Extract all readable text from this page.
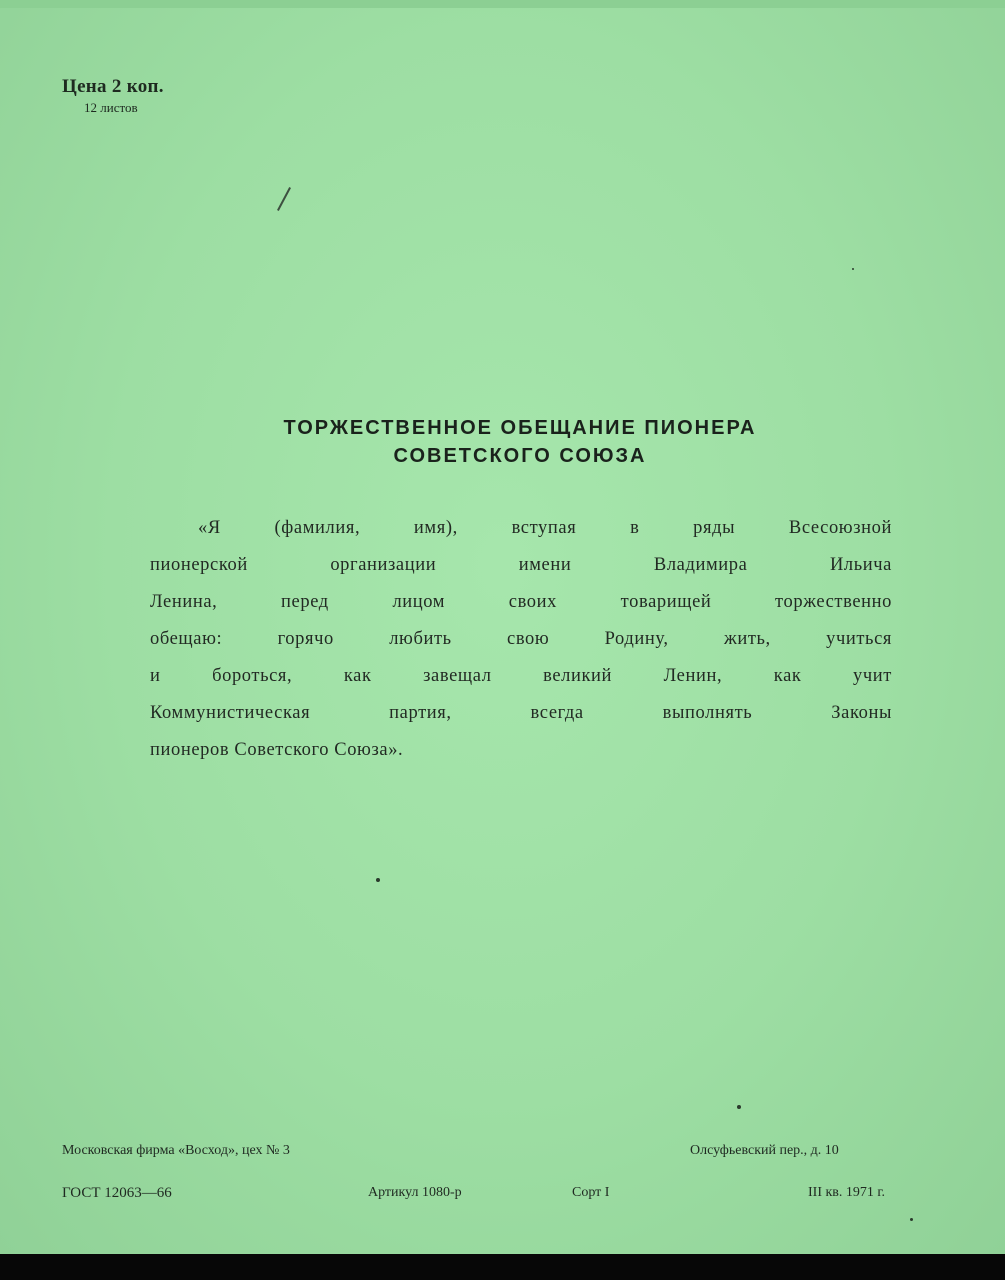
Цена 2 коп.
12 листов
ТОРЖЕСТВЕННОЕ ОБЕЩАНИЕ ПИОНЕРА
СОВЕТСКОГО СОЮЗА
«Я (фамилия, имя), вступая в ряды Всесоюзной
пионерской организации имени Владимира Ильича
Ленина, перед лицом своих товарищей торжественно
обещаю: горячо любить свою Родину, жить, учиться
и бороться, как завещал великий Ленин, как учит
Коммунистическая партия, всегда выполнять Законы
пионеров Советского Союза».
Московская фирма «Восход», цех № 3	Олсуфьевский пер., д. 10
ГОСТ 12063—66	Артикул 1080-р	Сорт I	III кв. 1971 г.
